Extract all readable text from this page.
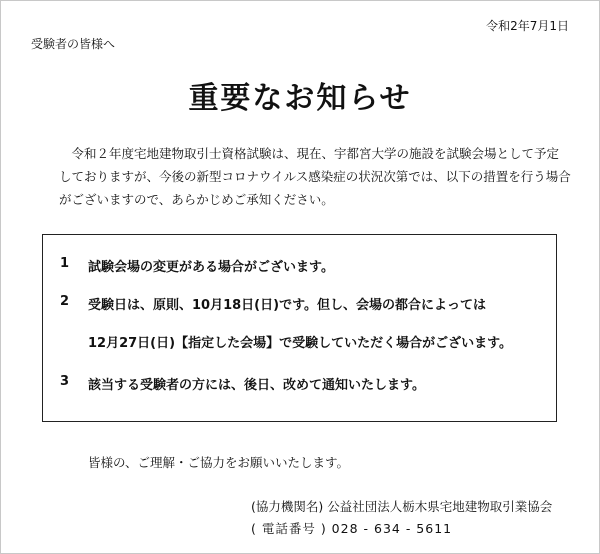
令和2年7月1日
受験者の皆様へ
重要なお知らせ

　令和２年度宅地建物取引士資格試験は、現在、宇都宮大学の施設を試験会場として予定しておりますが、今後の新型コロナウイルス感染症の状況次第では、以下の措置を行う場合がございますので、あらかじめご承知ください。

1	試験会場の変更がある場合がございます。
2	受験日は、原則、10月18日(日)です。但し、会場の都合によっては
12月27日(日)【指定した会場】で受験していただく場合がございます。
3	該当する受験者の方には、後日、改めて通知いたします。
皆様の、ご理解・ご協力をお願いいたします。
(協力機関名) 公益社団法人栃木県宅地建物取引業協会
( 電話番号 ) 028 - 634 - 5611
